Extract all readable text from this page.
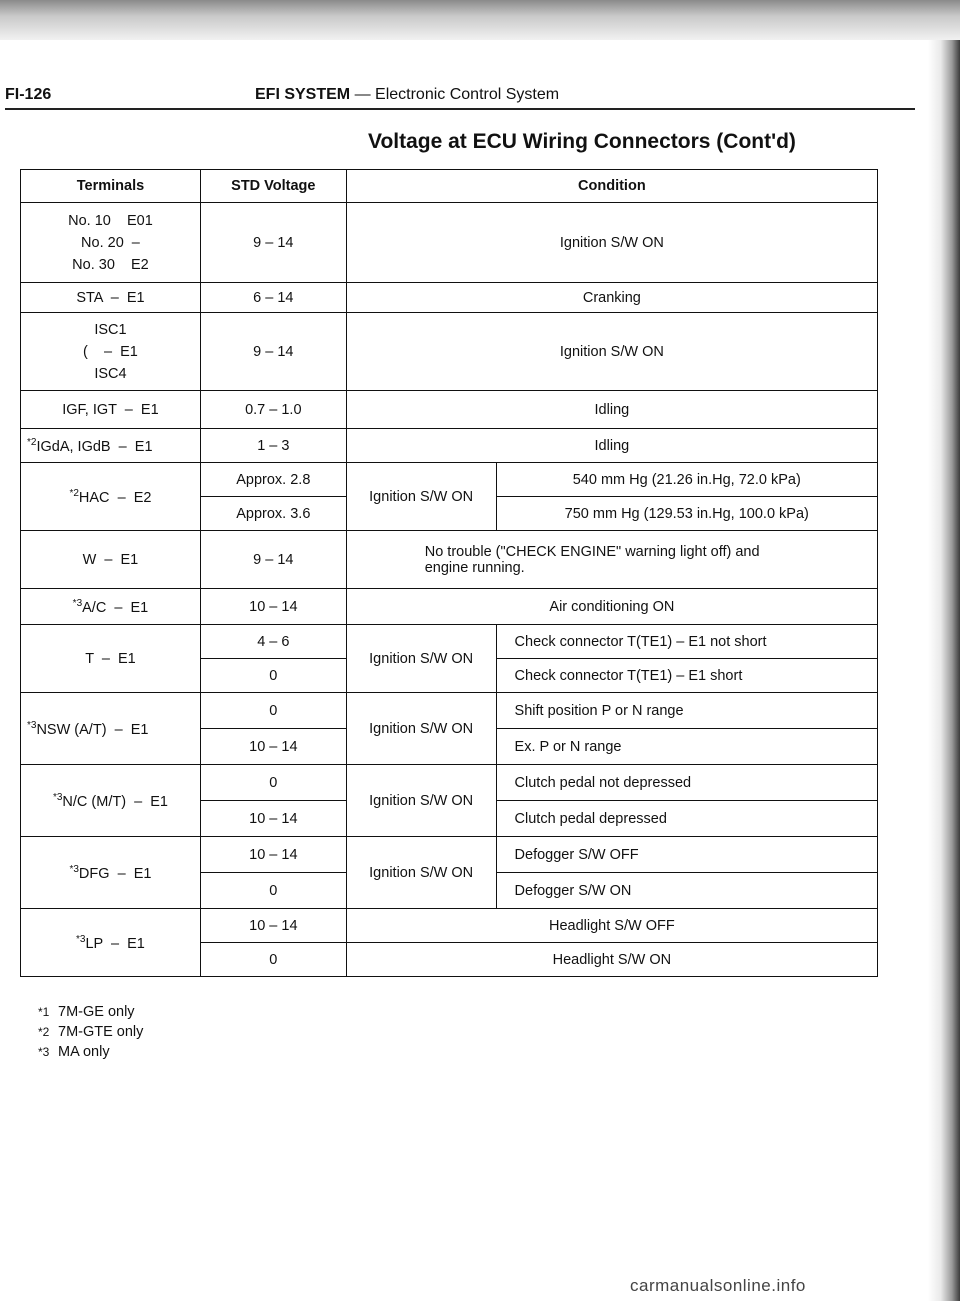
FI-126	EFI SYSTEM — Electronic Control System
Voltage at ECU Wiring Connectors (Cont'd)
Terminals	STD Voltage	Condition	

No. 10    E01
No. 20  –
No. 30    E2	9 – 14	Ignition S/W ON	
STA  –  E1	6 – 14	Cranking	

ISC1
(    –  E1
ISC4	9 – 14	Ignition S/W ON	
IGF, IGT  –  E1	0.7 – 1.0	Idling	
$^{*2}$IGdA, IGdB  –  E1	1 – 3	Idling	
$^{*2}$HAC  –  E2	Approx. 2.8	Ignition S/W ON	540 mm Hg (21.26 in.Hg, 72.0 kPa)
	Approx. 3.6		750 mm Hg (129.53 in.Hg, 100.0 kPa)
W  –  E1	9 – 14	No trouble ("CHECK ENGINE" warning light off) and
engine running.	

$^{*3}$A/C  –  E1	10 – 14	Air conditioning ON	
T  –  E1	4 – 6	Ignition S/W ON	Check connector T(TE1) – E1 not short
	0		Check connector T(TE1) – E1 short
$^{*3}$NSW (A/T)  –  E1	0	Ignition S/W ON	Shift position P or N range
	10 – 14		Ex. P or N range
$^{*3}$N/C (M/T)  –  E1	0	Ignition S/W ON	Clutch pedal not depressed
	10 – 14		Clutch pedal depressed
$^{*3}$DFG  –  E1	10 – 14	Ignition S/W ON	Defogger S/W OFF
	0		Defogger S/W ON
$^{*3}$LP  –  E1	10 – 14	Headlight S/W OFF	
	0	Headlight S/W ON	
*1 7M-GE only
*2 7M-GTE only
*3 MA only
carmanualsonline.info
